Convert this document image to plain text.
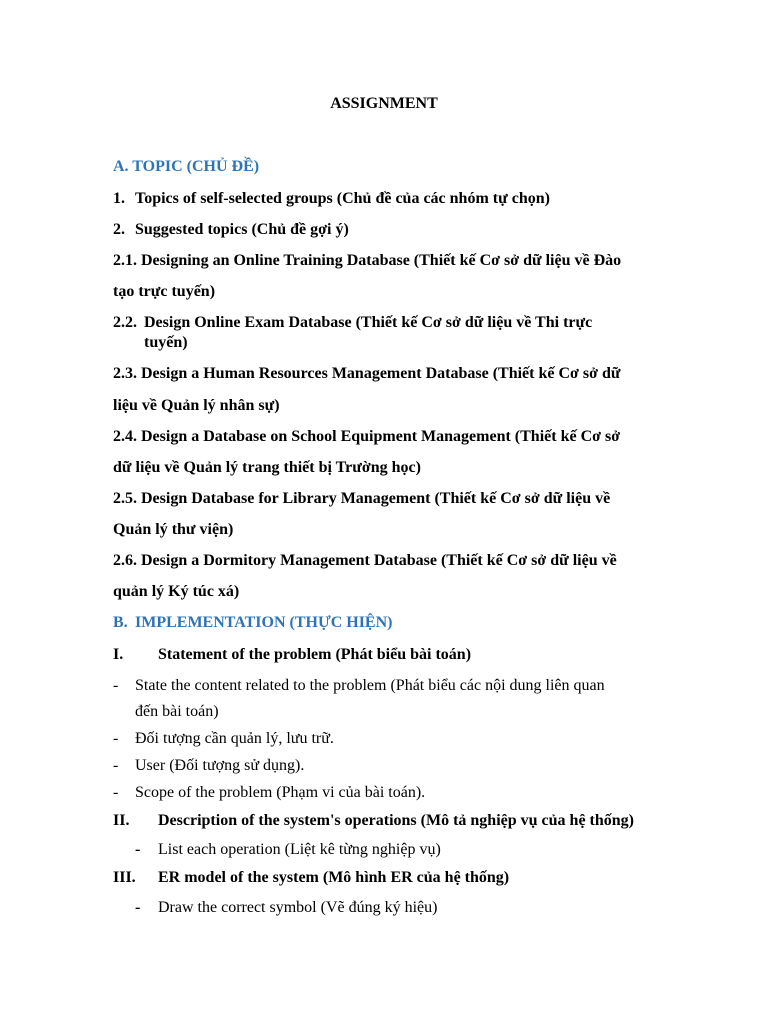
ASSIGNMENT
A. TOPIC (CHỦ ĐỀ)
1. Topics of self-selected groups (Chủ đề của các nhóm tự chọn)
2. Suggested topics (Chủ đề gợi ý)
2.1. Designing an Online Training Database (Thiết kế Cơ sở dữ liệu về Đào
tạo trực tuyến)
2.2. Design Online Exam Database (Thiết kế Cơ sở dữ liệu về Thi trực
tuyến)
2.3. Design a Human Resources Management Database (Thiết kế Cơ sở dữ
liệu về Quản lý nhân sự)
2.4. Design a Database on School Equipment Management (Thiết kế Cơ sở
dữ liệu về Quản lý trang thiết bị Trường học)
2.5. Design Database for Library Management (Thiết kế Cơ sở dữ liệu về
Quản lý thư viện)
2.6. Design a Dormitory Management Database (Thiết kế Cơ sở dữ liệu về
quản lý Ký túc xá)
B. IMPLEMENTATION (THỰC HIỆN)
I. Statement of the problem (Phát biểu bài toán)
- State the content related to the problem (Phát biểu các nội dung liên quan
đến bài toán)
- Đối tượng cần quản lý, lưu trữ.
- User (Đối tượng sử dụng).
- Scope of the problem (Phạm vi của bài toán).
II. Description of the system's operations (Mô tả nghiệp vụ của hệ thống)
- List each operation (Liệt kê từng nghiệp vụ)
III. ER model of the system (Mô hình ER của hệ thống)
- Draw the correct symbol (Vẽ đúng ký hiệu)
